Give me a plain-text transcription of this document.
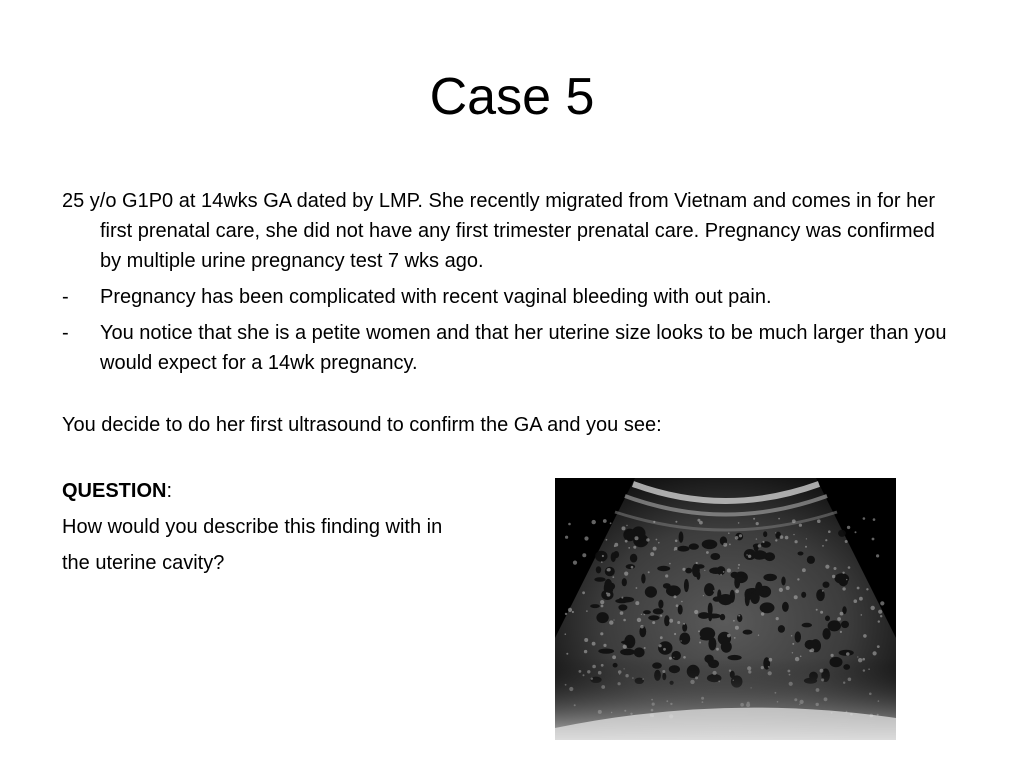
Case 5

25 y/o G1P0 at 14wks GA dated by LMP. She recently migrated from Vietnam and comes in for her first prenatal care, she did not have any first trimester prenatal care. Pregnancy was confirmed by multiple urine pregnancy test 7 wks ago.

- Pregnancy has been complicated with recent vaginal bleeding with out pain.
- You notice that she is a petite women and that her uterine size looks to be much larger than you would expect for a 14wk pregnancy.

You decide to do her first ultrasound to confirm the GA and you see:

QUESTION:

How would you describe this finding with in

the uterine cavity?
